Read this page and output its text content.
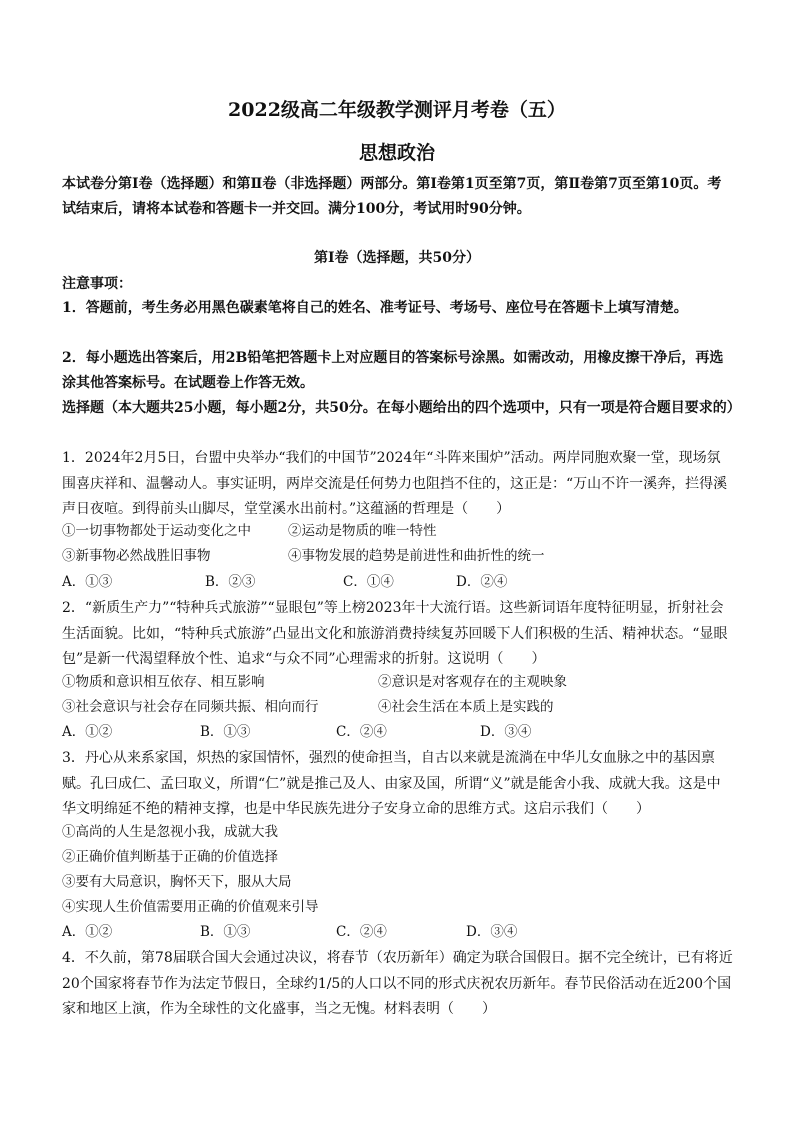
2022级高二年级教学测评月考卷（五）
思想政治
本试卷分第Ⅰ卷（选择题）和第Ⅱ卷（非选择题）两部分。第Ⅰ卷第1页至第7页，第Ⅱ卷第7页至第10页。考试结束后，请将本试卷和答题卡一并交回。满分100分，考试用时90分钟。
第Ⅰ卷（选择题，共50分）
注意事项：
1．答题前，考生务必用黑色碳素笔将自己的姓名、准考证号、考场号、座位号在答题卡上填写清楚。
2．每小题选出答案后，用2B铅笔把答题卡上对应题目的答案标号涂黑。如需改动，用橡皮擦干净后，再选涂其他答案标号。在试题卷上作答无效。
选择题（本大题共25小题，每小题2分，共50分。在每小题给出的四个选项中，只有一项是符合题目要求的）
1．2024年2月5日，台盟中央举办“我们的中国节”2024年“斗阵来围炉”活动。两岸同胞欢聚一堂，现场氛围喜庆祥和、温馨动人。事实证明，两岸交流是任何势力也阻挡不住的，这正是：“万山不许一溪奔，拦得溪声日夜喧。到得前头山脚尽，堂堂溪水出前村。”这蕴涵的哲理是（　　）
①一切事物都处于运动变化之中	②运动是物质的唯一特性
③新事物必然战胜旧事物	④事物发展的趋势是前进性和曲折性的统一
A．①③	B．②③	C．①④	D．②④
2．“新质生产力”“特种兵式旅游”“显眼包”等上榜2023年十大流行语。这些新词语年度特征明显，折射社会生活面貌。比如，“特种兵式旅游”凸显出文化和旅游消费持续复苏回暖下人们积极的生活、精神状态。“显眼包”是新一代渴望释放个性、追求“与众不同”心理需求的折射。这说明（　　）
①物质和意识相互依存、相互影响	②意识是对客观存在的主观映象
③社会意识与社会存在同频共振、相向而行	④社会生活在本质上是实践的
A．①②	B．①③	C．②④	D．③④
3．丹心从来系家国，炽热的家国情怀，强烈的使命担当，自古以来就是流淌在中华儿女血脉之中的基因禀赋。孔曰成仁、孟曰取义，所谓“仁”就是推己及人、由家及国，所谓“义”就是能舍小我、成就大我。这是中华文明绵延不绝的精神支撑，也是中华民族先进分子安身立命的思维方式。这启示我们（　　）
①高尚的人生是忽视小我，成就大我
②正确价值判断基于正确的价值选择
③要有大局意识，胸怀天下，服从大局
④实现人生价值需要用正确的价值观来引导
A．①②	B．①③	C．②④	D．③④
4．不久前，第78届联合国大会通过决议，将春节（农历新年）确定为联合国假日。据不完全统计，已有将近20个国家将春节作为法定节假日，全球约1/5的人口以不同的形式庆祝农历新年。春节民俗活动在近200个国家和地区上演，作为全球性的文化盛事，当之无愧。材料表明（　　）
